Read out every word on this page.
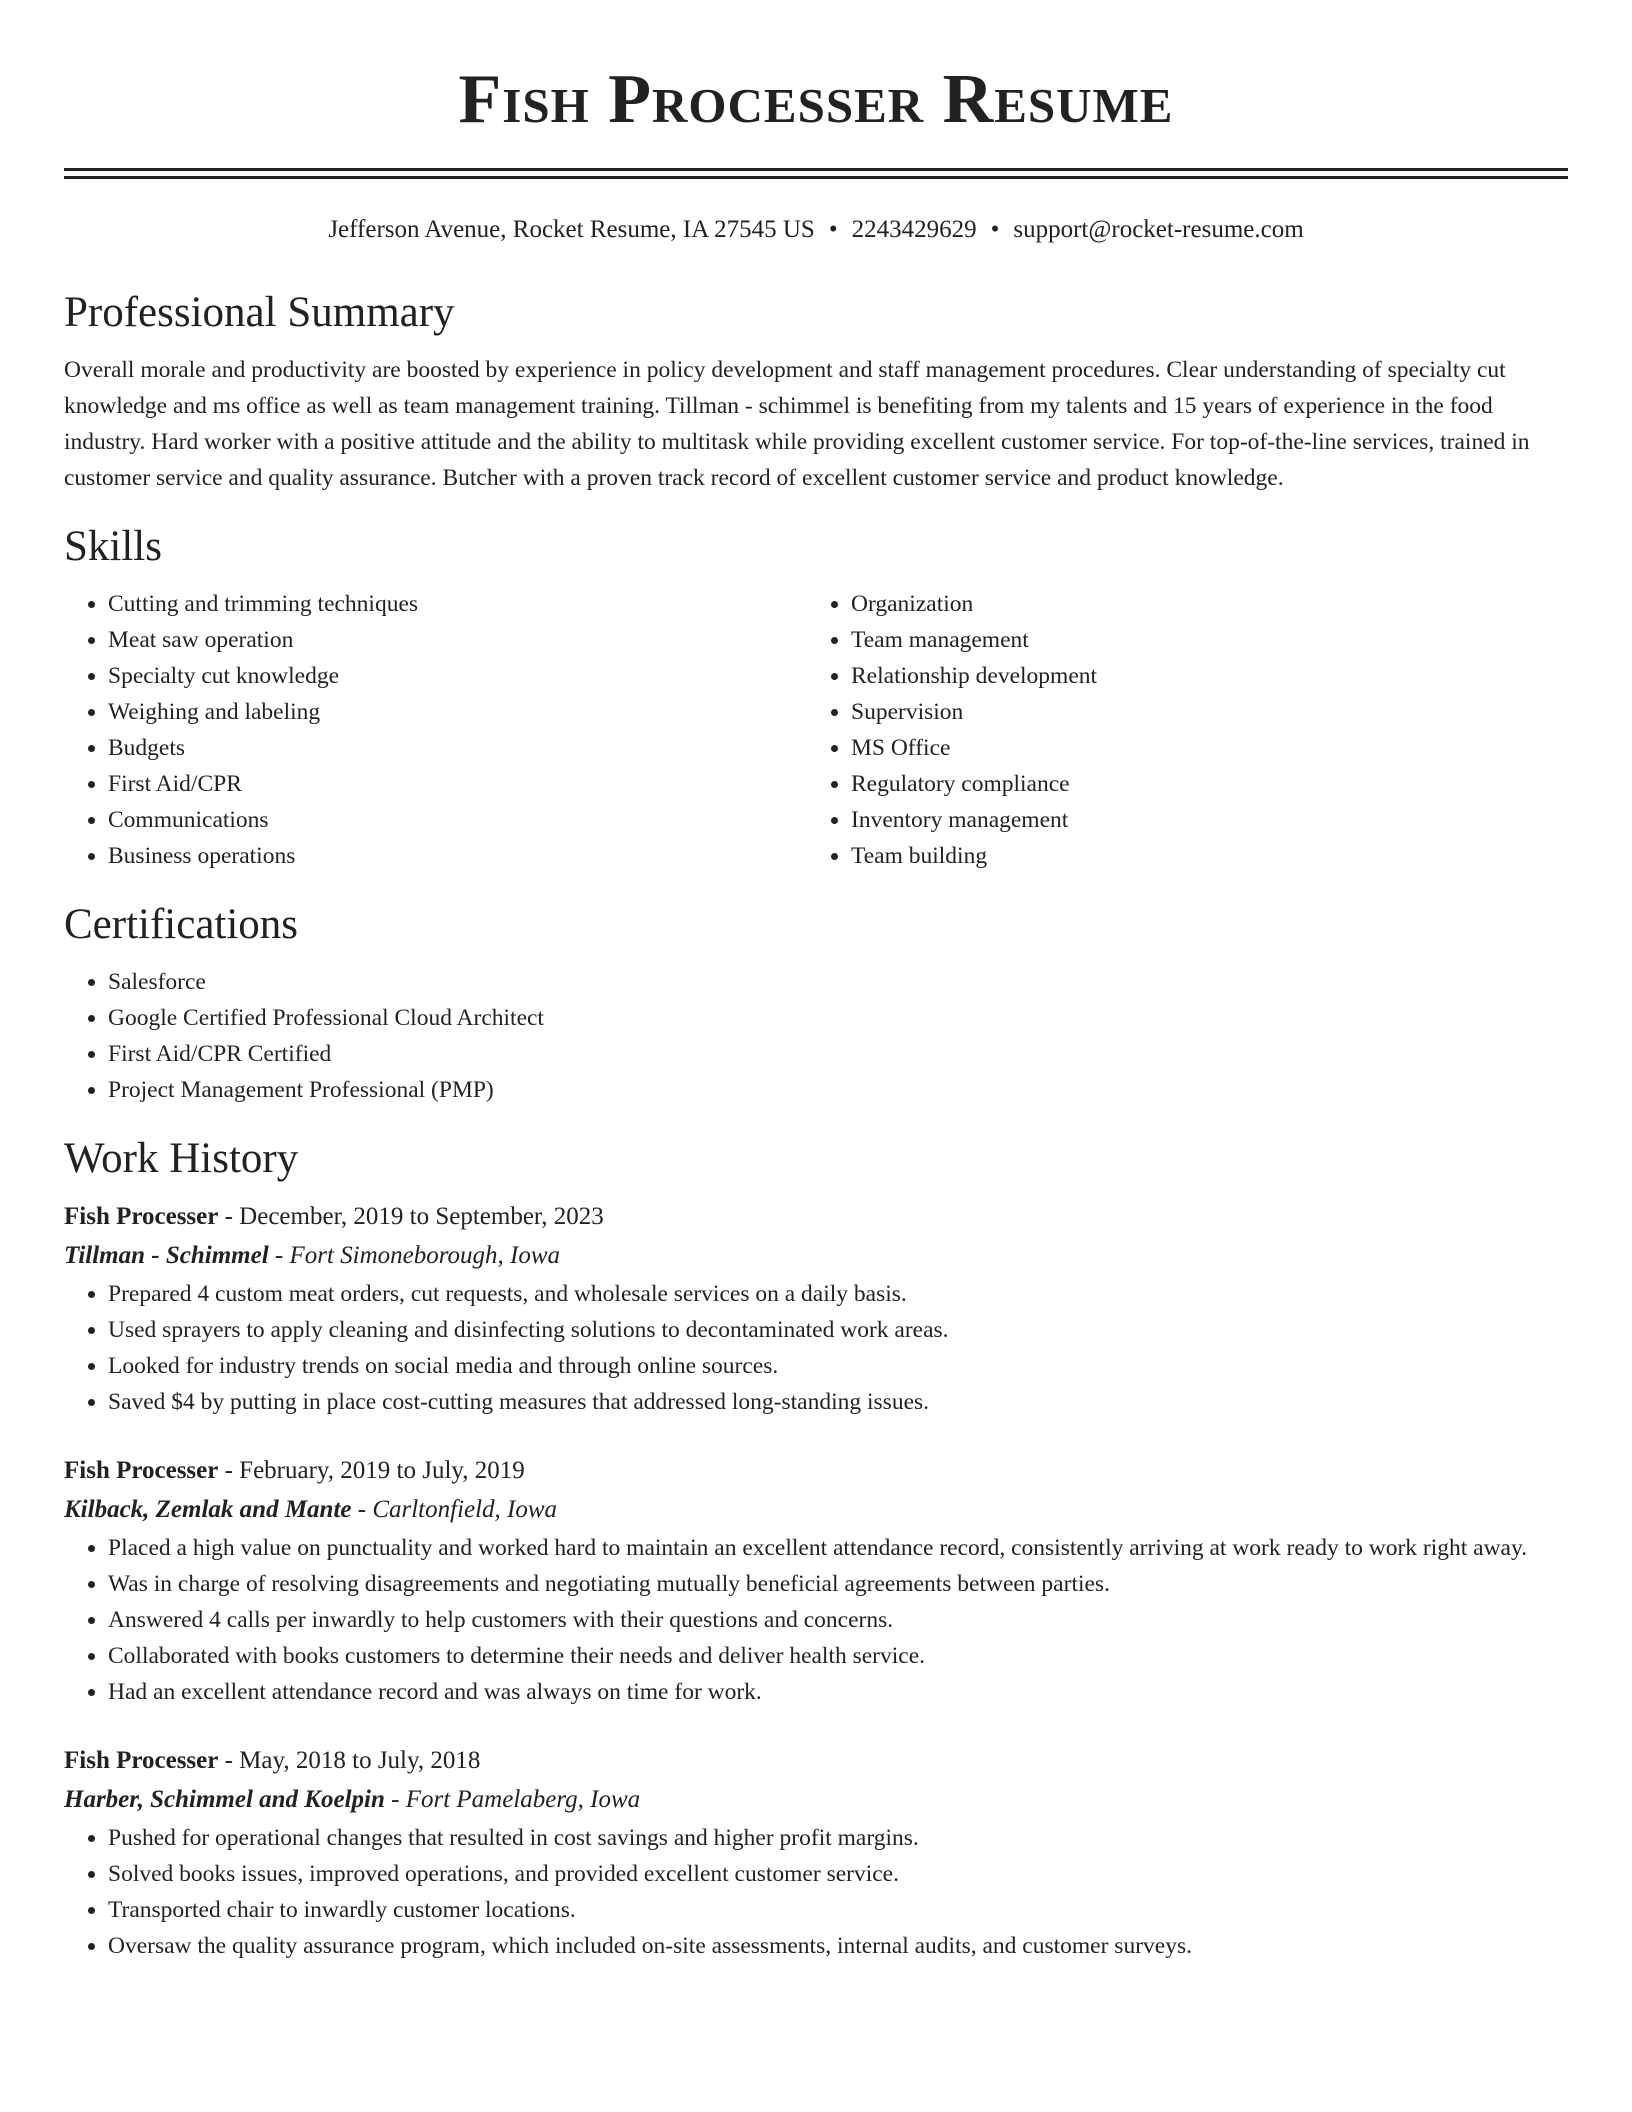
Fish Processer Resume
Jefferson Avenue, Rocket Resume, IA 27545 US • 2243429629 • support@rocket-resume.com
Professional Summary

Overall morale and productivity are boosted by experience in policy development and staff management procedures. Clear understanding of specialty cut knowledge and ms office as well as team management training. Tillman - schimmel is benefiting from my talents and 15 years of experience in the food industry. Hard worker with a positive attitude and the ability to multitask while providing excellent customer service. For top-of-the-line services, trained in customer service and quality assurance. Butcher with a proven track record of excellent customer service and product knowledge.

Skills
• Cutting and trimming techniques
• Meat saw operation
• Specialty cut knowledge
• Weighing and labeling
• Budgets
• First Aid/CPR
• Communications
• Business operations
• Organization
• Team management
• Relationship development
• Supervision
• MS Office
• Regulatory compliance
• Inventory management
• Team building
Certifications
• Salesforce
• Google Certified Professional Cloud Architect
• First Aid/CPR Certified
• Project Management Professional (PMP)
Work History

Fish Processer - December, 2019 to September, 2023

Tillman - Schimmel - Fort Simoneborough, Iowa

• Prepared 4 custom meat orders, cut requests, and wholesale services on a daily basis.
• Used sprayers to apply cleaning and disinfecting solutions to decontaminated work areas.
• Looked for industry trends on social media and through online sources.
• Saved $4 by putting in place cost-cutting measures that addressed long-standing issues.

Fish Processer - February, 2019 to July, 2019

Kilback, Zemlak and Mante - Carltonfield, Iowa

• Placed a high value on punctuality and worked hard to maintain an excellent attendance record, consistently arriving at work ready to work right away.
• Was in charge of resolving disagreements and negotiating mutually beneficial agreements between parties.
• Answered 4 calls per inwardly to help customers with their questions and concerns.
• Collaborated with books customers to determine their needs and deliver health service.
• Had an excellent attendance record and was always on time for work.

Fish Processer - May, 2018 to July, 2018

Harber, Schimmel and Koelpin - Fort Pamelaberg, Iowa

• Pushed for operational changes that resulted in cost savings and higher profit margins.
• Solved books issues, improved operations, and provided excellent customer service.
• Transported chair to inwardly customer locations.
• Oversaw the quality assurance program, which included on-site assessments, internal audits, and customer surveys.
